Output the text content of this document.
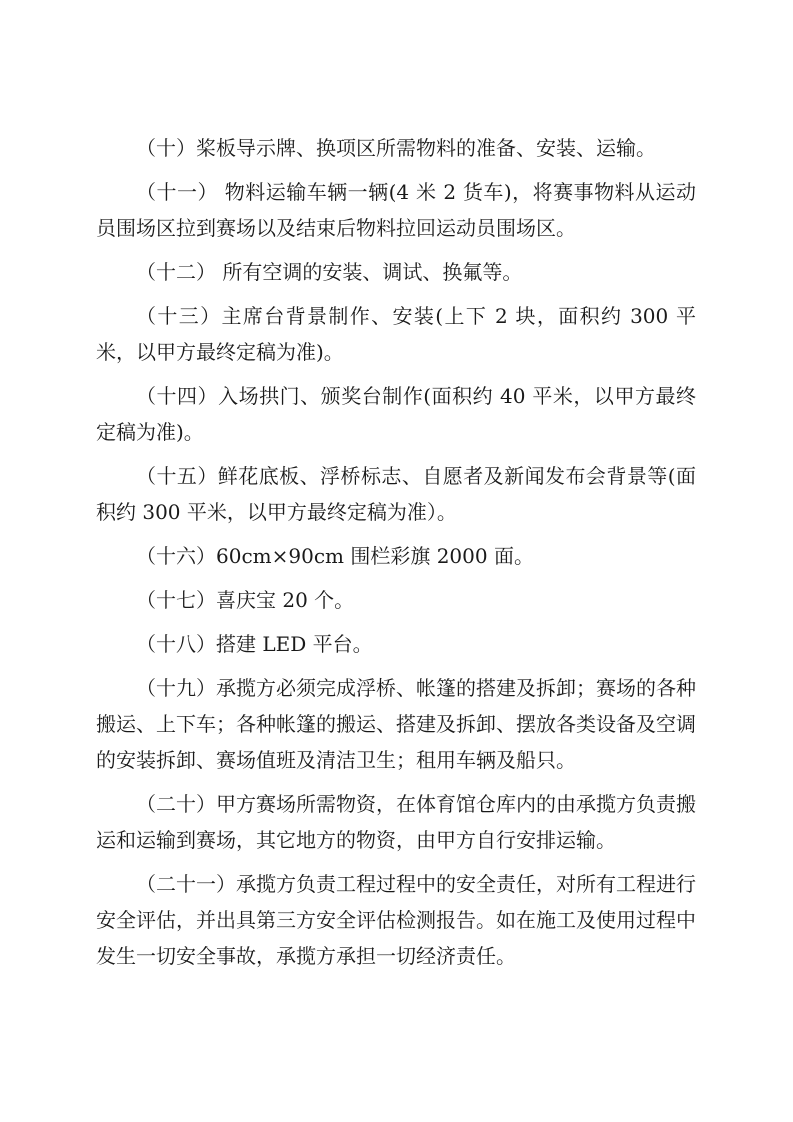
（十）桨板导示牌、换项区所需物料的准备、安装、运输。

（十一） 物料运输车辆一辆(4 米 2 货车)，将赛事物料从运动员围场区拉到赛场以及结束后物料拉回运动员围场区。

（十二） 所有空调的安装、调试、换氟等。

（十三）主席台背景制作、安装(上下 2 块，面积约 300 平米，以甲方最终定稿为准)。

（十四）入场拱门、颁奖台制作(面积约 40 平米，以甲方最终定稿为准)。

（十五）鲜花底板、浮桥标志、自愿者及新闻发布会背景等(面积约 300 平米，以甲方最终定稿为准）。

（十六）60cm×90cm 围栏彩旗 2000 面。

（十七）喜庆宝 20 个。

（十八）搭建 LED 平台。

（十九）承揽方必须完成浮桥、帐篷的搭建及拆卸；赛场的各种搬运、上下车；各种帐篷的搬运、搭建及拆卸、摆放各类设备及空调的安装拆卸、赛场值班及清洁卫生；租用车辆及船只。

（二十）甲方赛场所需物资，在体育馆仓库内的由承揽方负责搬运和运输到赛场，其它地方的物资，由甲方自行安排运输。

（二十一）承揽方负责工程过程中的安全责任，对所有工程进行安全评估，并出具第三方安全评估检测报告。如在施工及使用过程中发生一切安全事故，承揽方承担一切经济责任。
